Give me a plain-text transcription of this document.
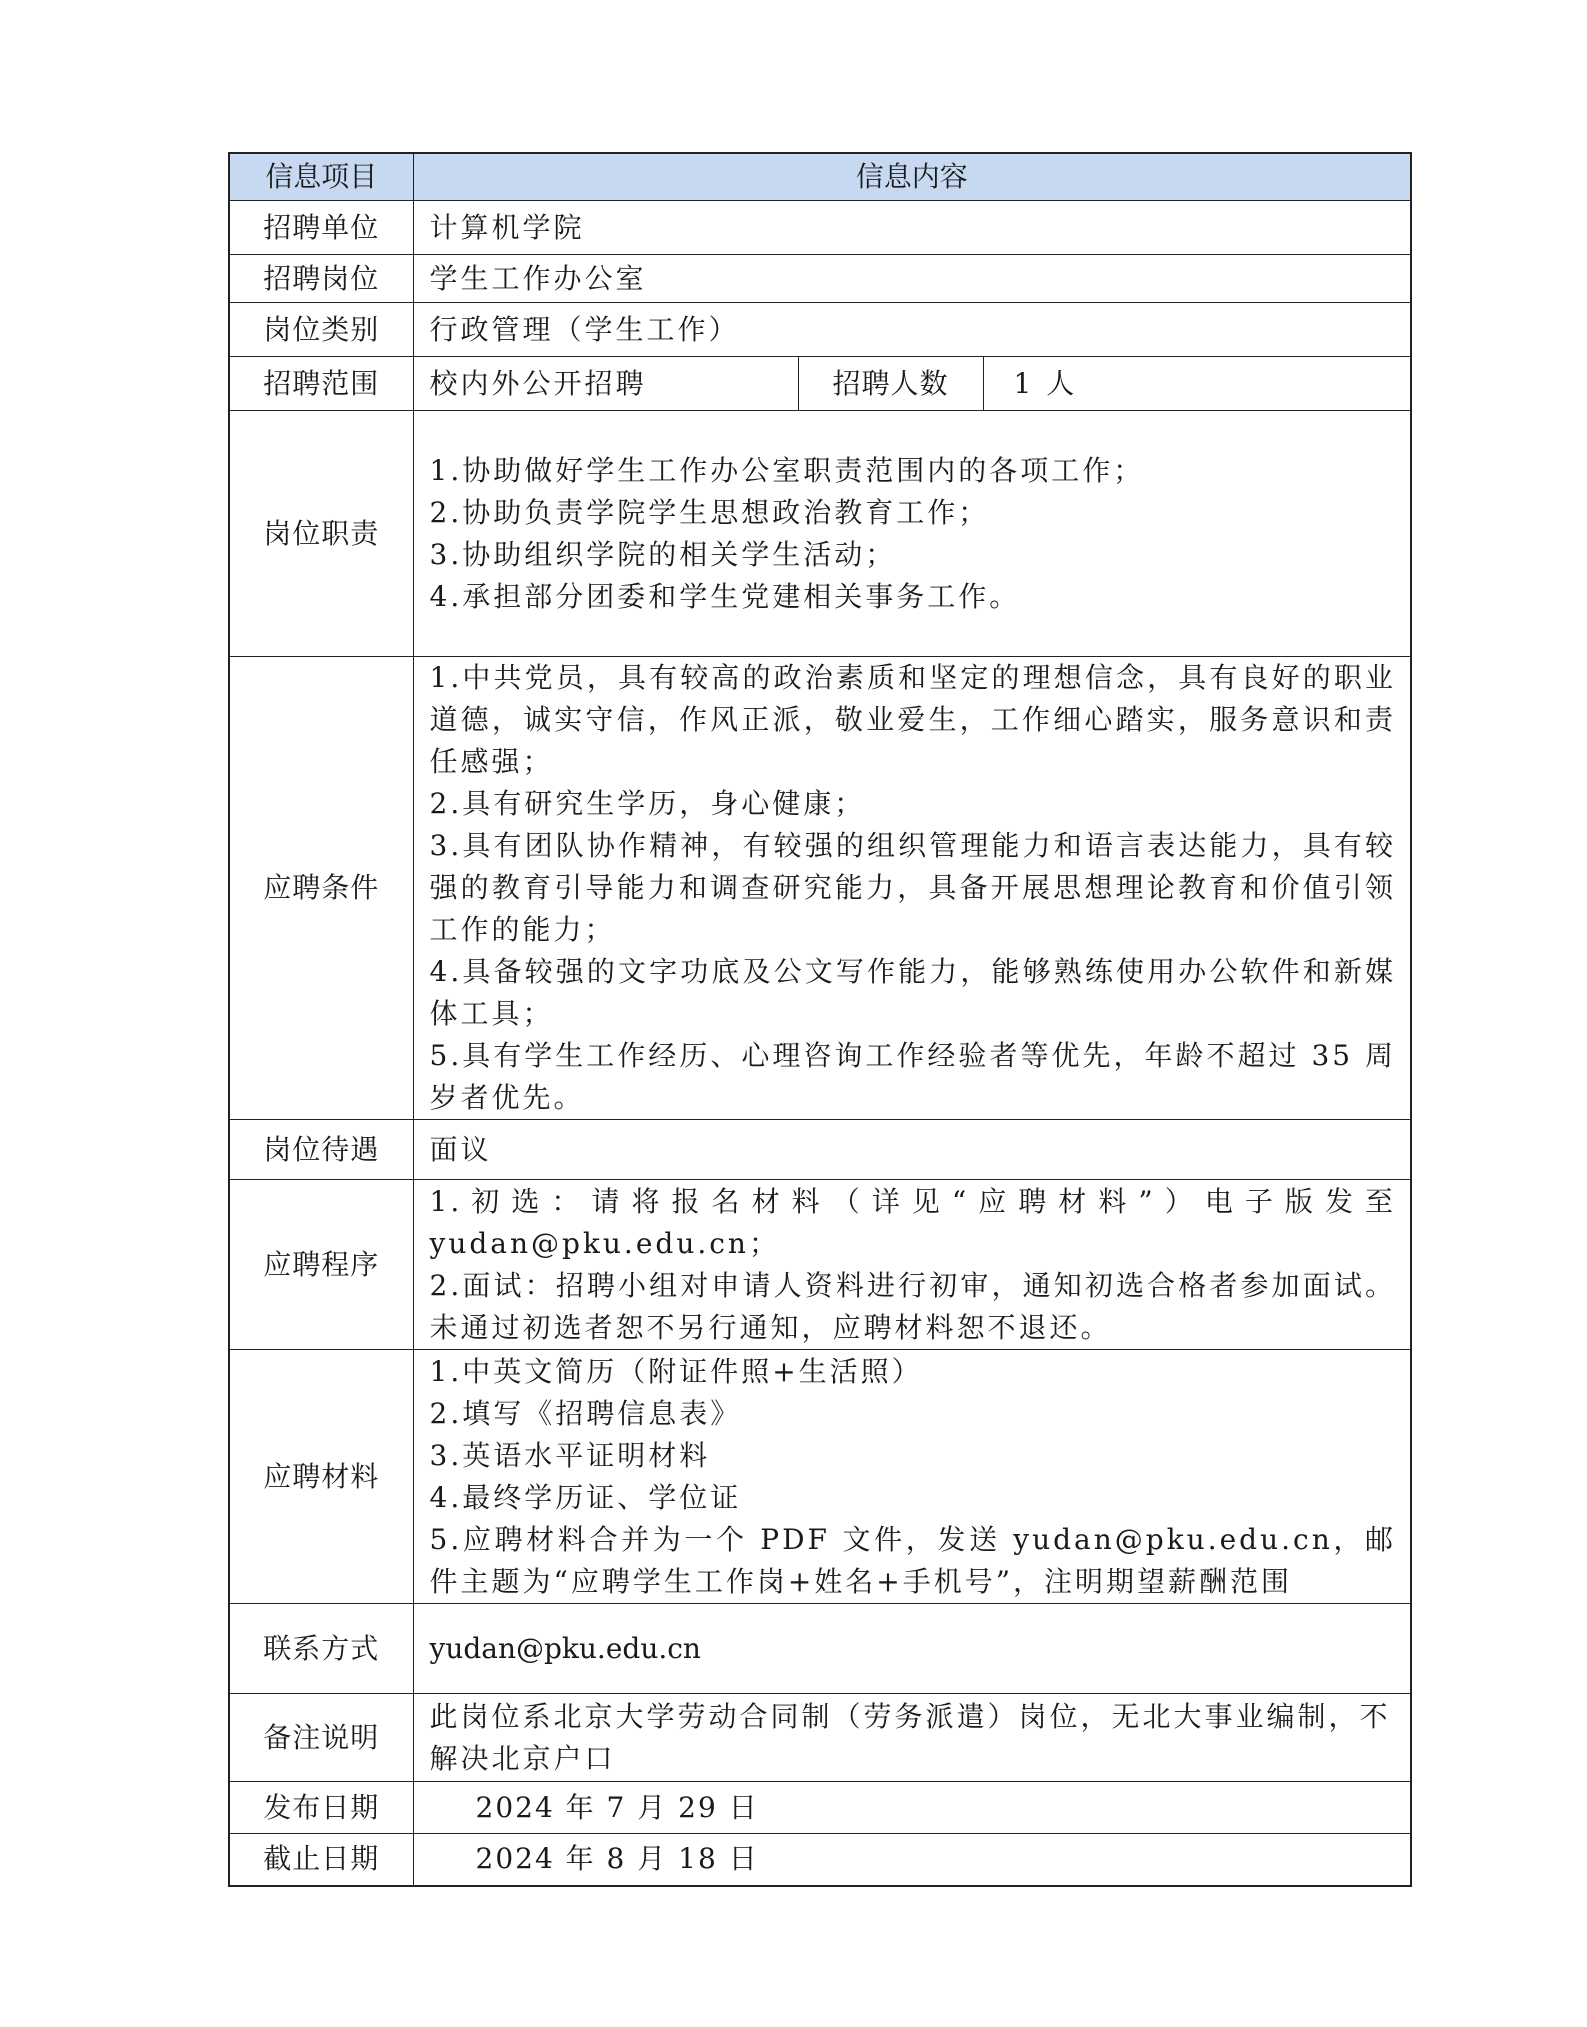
信息项目	信息内容		
招聘单位	计算机学院		
招聘岗位	学生工作办公室		
岗位类别	行政管理（学生工作）		
招聘范围	校内外公开招聘	招聘人数	1 人
岗位职责	1.协助做好学生工作办公室职责范围内的各项工作；
2.协助负责学院学生思想政治教育工作；
3.协助组织学院的相关学生活动；
4.承担部分团委和学生党建相关事务工作。		

应聘条件	1.中共党员，具有较高的政治素质和坚定的理想信念，具有良好的职业道德，诚实守信，作风正派，敬业爱生，工作细心踏实，服务意识和责任感强；
2.具有研究生学历，身心健康；
3.具有团队协作精神，有较强的组织管理能力和语言表达能力，具有较强的教育引导能力和调查研究能力，具备开展思想理论教育和价值引领工作的能力；
4.具备较强的文字功底及公文写作能力，能够熟练使用办公软件和新媒体工具；
5.具有学生工作经历、心理咨询工作经验者等优先，年龄不超过 35 周岁者优先。		

岗位待遇	面议		
应聘程序	1.初选：请将报名材料（详见“应聘材料”）电子版发至yudan@pku.edu.cn；
2.面试：招聘小组对申请人资料进行初审，通知初选合格者参加面试。未通过初选者恕不另行通知，应聘材料恕不退还。		

应聘材料	1.中英文简历（附证件照+生活照）
2.填写《招聘信息表》
3.英语水平证明材料
4.最终学历证、学位证
5.应聘材料合并为一个 PDF 文件，发送 yudan@pku.edu.cn，邮件主题为“应聘学生工作岗+姓名+手机号”，注明期望薪酬范围		

联系方式	yudan@pku.edu.cn		
备注说明	此岗位系北京大学劳动合同制（劳务派遣）岗位，无北大事业编制，不解决北京户口		
发布日期	2024 年 7 月 29 日		
截止日期	2024 年 8 月 18 日		
